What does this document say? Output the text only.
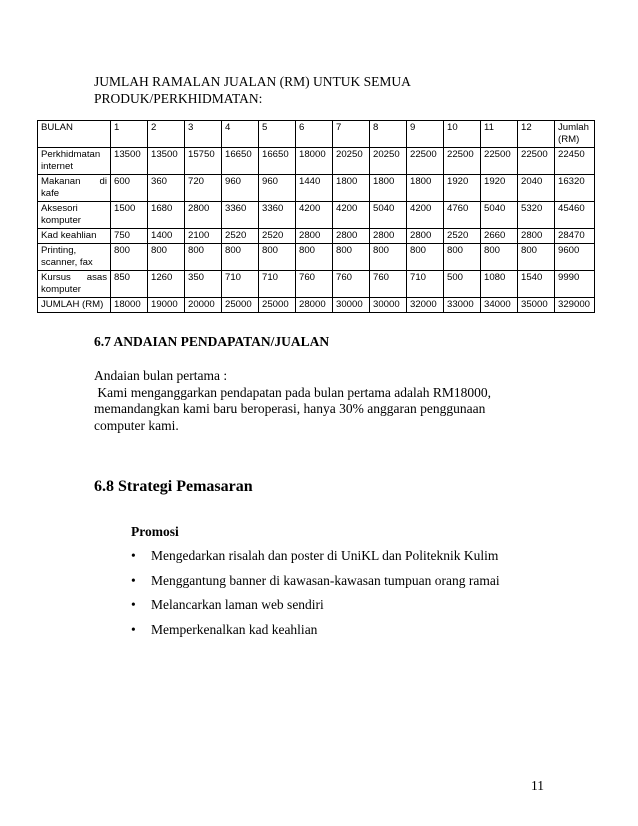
JUMLAH RAMALAN JUALAN (RM) UNTUK SEMUA
PRODUK/PERKHIDMATAN:
BULAN	1	2	3	4	5	6	7	8	9	10	11	12	Jumlah (RM)
Perkhidmatan internet	13500	13500	15750	16650	16650	18000	20250	20250	22500	22500	22500	22500	22450
Makanan di kafe	600	360	720	960	960	1440	1800	1800	1800	1920	1920	2040	16320
Aksesori komputer	1500	1680	2800	3360	3360	4200	4200	5040	4200	4760	5040	5320	45460
Kad keahlian	750	1400	2100	2520	2520	2800	2800	2800	2800	2520	2660	2800	28470
Printing, scanner, fax	800	800	800	800	800	800	800	800	800	800	800	800	9600
Kursus asas komputer	850	1260	350	710	710	760	760	760	710	500	1080	1540	9990
JUMLAH (RM)	18000	19000	20000	25000	25000	28000	30000	30000	32000	33000	34000	35000	329000
6.7 ANDAIAN PENDAPATAN/JUALAN
Andaian bulan pertama :
Kami menganggarkan pendapatan pada bulan pertama adalah RM18000,
memandangkan kami baru beroperasi, hanya 30% anggaran penggunaan
computer kami.
6.8 Strategi Pemasaran
Promosi
• Mengedarkan risalah dan poster di UniKL dan Politeknik Kulim
• Menggantung banner di kawasan-kawasan tumpuan orang ramai
• Melancarkan laman web sendiri
• Memperkenalkan kad keahlian
11
